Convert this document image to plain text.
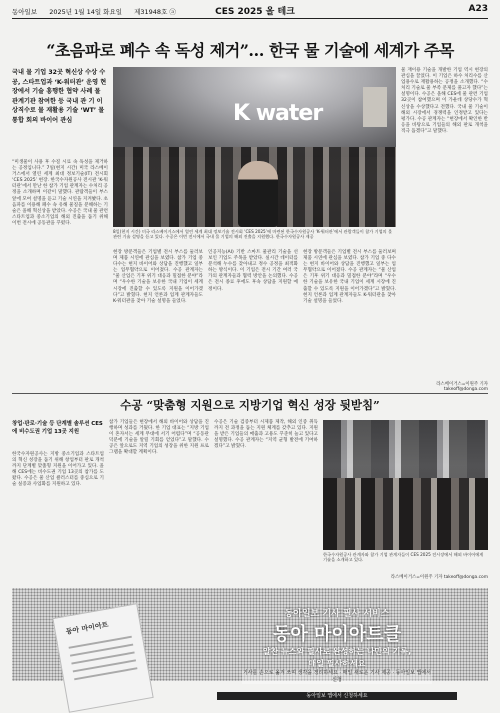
동아일보 2025년 1월 14일 화요일 제31948호 ⓐ	CES 2025 올 테크	A23
“초음파로 폐수 속 독성 제거”… 한국 물 기술에 세계가 주목
국내 물 기업 32곳 혁신상 수상 수공, 스타트업과 ‘K-워터관’ 운영 현장에서 기술 흥행한 협약 사례 물 관계기관 참여한 등 국내 관 기 이상직수로 물 재활용 기술 ‘WT’ 물 통합 회의 바이어 관심
“미생물이 사용 후 수질 시료 속 독성을 제거하는 공정입니다.” 7일(현지 시간) 미국 라스베이거스에서 열린 세계 최대 정보기술(IT) 전시회 ‘CES 2025’ 현장. 한국수자원공사 전시관 ‘K-워터관’에서 만난 한 참가 기업 관계자는 수처리 공정을 소개하며 이같이 말했다. 관람객들이 부스 앞에 모여 설명을 듣고 기술 시연을 지켜봤다. 초음파를 이용해 폐수 속 유해 물질을 분해하는 기술은 올해 혁신상을 받았다. 수공은 국내 물 관련 스타트업과 중소기업의 해외 진출을 돕기 위해 이번 전시에 공동관을 꾸렸다.
K water
8일(현지 시간) 미국 라스베이거스에서 열린 세계 최대 정보기술 전시회 ‘CES 2025’에 마련된 한국수자원공사 ‘K-워터관’에서 관람객들이 참가 기업의 물 관련 기술 설명을 듣고 있다. 수공은 이번 전시에서 국내 물 기업의 해외 진출을 지원했다. 한국수자원공사 제공
현장 방문객들은 기업별 전시 부스를 둘러보며 제품 시연에 관심을 보였다. 참가 기업 중 다수는 현지 바이어와 상담을 진행했고 일부는 업무협약으로 이어졌다. 수공 관계자는 “물 산업은 기후 위기 대응과 밀접한 분야”라며 “우수한 기술을 보유한 국내 기업이 세계 시장에 진출할 수 있도록 지원을 이어가겠다”고 밝혔다. 현지 언론과 업계 관계자들도 K-워터관을 찾아 기술 설명을 들었다.
인공지능(AI) 기반 스마트 물관리 기술을 선보인 기업도 주목을 받았다. 실시간 데이터를 분석해 누수를 찾아내고 정수 공정을 최적화하는 방식이다. 이 기업은 전시 기간 여러 국가의 관계자들과 협력 방안을 논의했다. 수공은 전시 종료 후에도 후속 상담을 지원할 예정이다.
현장 방문객들은 기업별 전시 부스를 둘러보며 제품 시연에 관심을 보였다. 참가 기업 중 다수는 현지 바이어와 상담을 진행했고 일부는 업무협약으로 이어졌다. 수공 관계자는 “물 산업은 기후 위기 대응과 밀접한 분야”라며 “우수한 기술을 보유한 국내 기업이 세계 시장에 진출할 수 있도록 지원을 이어가겠다”고 밝혔다. 현지 언론과 업계 관계자들도 K-워터관을 찾아 기술 설명을 들었다.
물 재이용 기술을 개발한 기업 역시 현장의 관심을 끌었다. 이 기업은 하수 처리수를 산업용수로 재활용하는 공정을 소개했다. “수처리 기술로 물 부족 문제를 풀고자 했다”는 설명이다. 수공은 올해 CES에 물 관련 기업 32곳이 참여했으며 이 가운데 상당수가 혁신상을 수상했다고 전했다. 국내 물 기술이 해외 시장에서 경쟁력을 인정받고 있다는 평가다. 수공 관계자는 “현장에서 확인한 반응을 바탕으로 기업들의 해외 판로 개척을 적극 돕겠다”고 말했다.
라스베이거스=이원주 기자 takeoff@donga.com
수공 “맞춤형 지원으로 지방기업 혁신 성장 뒷받침”
창업·판로·기술 등 단계별 솔루션 CES에 비수도권 기업 13곳 지원
한국수자원공사는 지방 중소기업과 스타트업의 혁신 성장을 돕기 위해 창업부터 판로 개척까지 단계별 맞춤형 지원을 이어가고 있다. 올해 CES에는 비수도권 기업 13곳의 참가를 도왔다. 수공은 물 산업 클러스터를 중심으로 기술 실증과 사업화를 지원하고 있다.
참가 기업들은 현장에서 해외 바이어와 상담을 진행하며 성과를 거뒀다. 한 기업 대표는 “지방 기업이 혼자서는 세계 무대에 서기 어렵다”며 “공동관 덕분에 기술을 알릴 기회를 얻었다”고 말했다. 수공은 앞으로도 지역 기업의 성장을 위한 지원 프로그램을 확대할 계획이다.
수공은 기술 검증부터 시제품 제작, 해외 인증 취득까지 전 과정을 돕는 지원 체계를 갖추고 있다. 지원을 받은 기업들의 매출과 고용도 꾸준히 늘고 있다고 설명했다. 수공 관계자는 “지역 균형 발전에 기여하겠다”고 밝혔다.
한국수자원공사 관계자와 참가 기업 관계자들이 CES 2025 전시장에서 해외 바이어에게 기술을 소개하고 있다.
라스베이거스=이원주 기자 takeoff@donga.com
동아 마이아트
동아일보 기사 필사 서비스
동아 마이아트클
알찬 뉴스와 필사로 완성하는 나만의 기록,
매일 필사하세요
기사를 손으로 옮겨 쓰며 생각을 정리하세요 · 매일 새로운 기사 제공 · 동아일보 앱에서 신청
동아일보 앱에서 신청하세요
